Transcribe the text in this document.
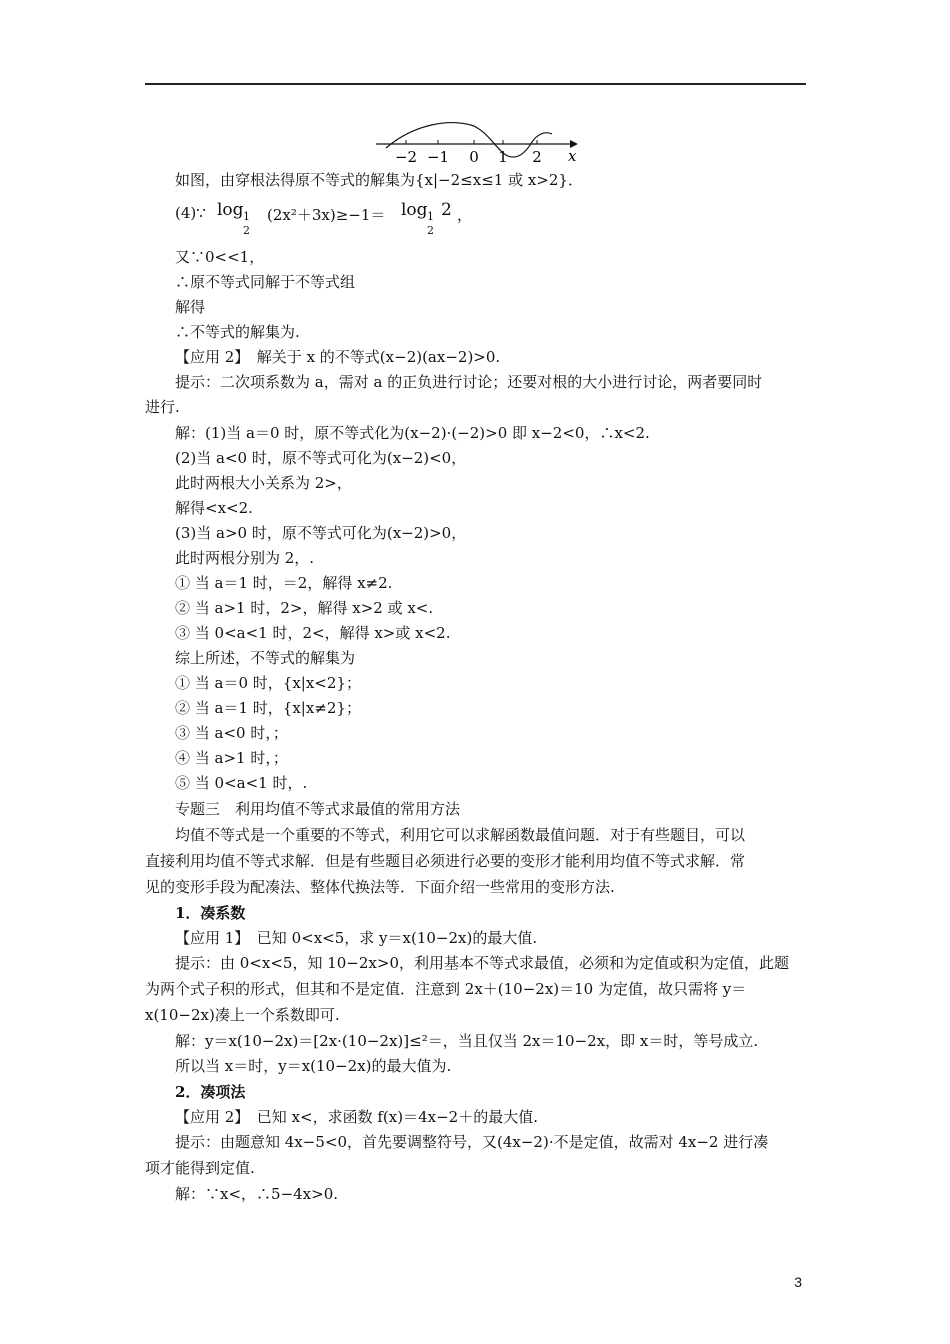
−2 −1 0 1 2 x
如图，由穿根法得原不等式的解集为{x|−2≤x≤1 或 x>2}．
(4)∵ log 1
2
(2x²＋3x)≥−1＝ log 1
2
2 ，
又∵0<<1，
∴原不等式同解于不等式组
解得
∴不等式的解集为.
【应用 2】　解关于 x 的不等式(x−2)(ax−2)>0.
提示：二次项系数为 a，需对 a 的正负进行讨论；还要对根的大小进行讨论，两者要同时
进行.
解：(1)当 a＝0 时，原不等式化为(x−2)·(−2)>0 即 x−2<0，∴x<2.
(2)当 a<0 时，原不等式可化为(x−2)<0，
此时两根大小关系为 2>，
解得<x<2.
(3)当 a>0 时，原不等式可化为(x−2)>0，
此时两根分别为 2，.
① 当 a＝1 时，＝2，解得 x≠2.
② 当 a>1 时，2>，解得 x>2 或 x<.
③ 当 0<a<1 时，2<，解得 x>或 x<2.
综上所述，不等式的解集为
① 当 a＝0 时，{x|x<2}；
② 当 a＝1 时，{x|x≠2}；
③ 当 a<0 时，；
④ 当 a>1 时，；
⑤ 当 0<a<1 时，.
专题三　利用均值不等式求最值的常用方法
均值不等式是一个重要的不等式，利用它可以求解函数最值问题．对于有些题目，可以
直接利用均值不等式求解．但是有些题目必须进行必要的变形才能利用均值不等式求解．常
见的变形手段为配凑法、整体代换法等．下面介绍一些常用的变形方法.
1．凑系数
【应用 1】　已知 0<x<5，求 y＝x(10−2x)的最大值.
提示：由 0<x<5，知 10−2x>0，利用基本不等式求最值，必须和为定值或积为定值，此题
为两个式子积的形式，但其和不是定值．注意到 2x＋(10−2x)＝10 为定值，故只需将 y＝
x(10−2x)凑上一个系数即可.
解：y＝x(10−2x)＝[2x·(10−2x)]≤²＝，当且仅当 2x＝10−2x，即 x＝时，等号成立.
所以当 x＝时，y＝x(10−2x)的最大值为.
2．凑项法
【应用 2】　已知 x<，求函数 f(x)＝4x−2＋的最大值.
提示：由题意知 4x−5<0，首先要调整符号，又(4x−2)·不是定值，故需对 4x−2 进行凑
项才能得到定值.
解：∵x<，∴5−4x>0.
3
